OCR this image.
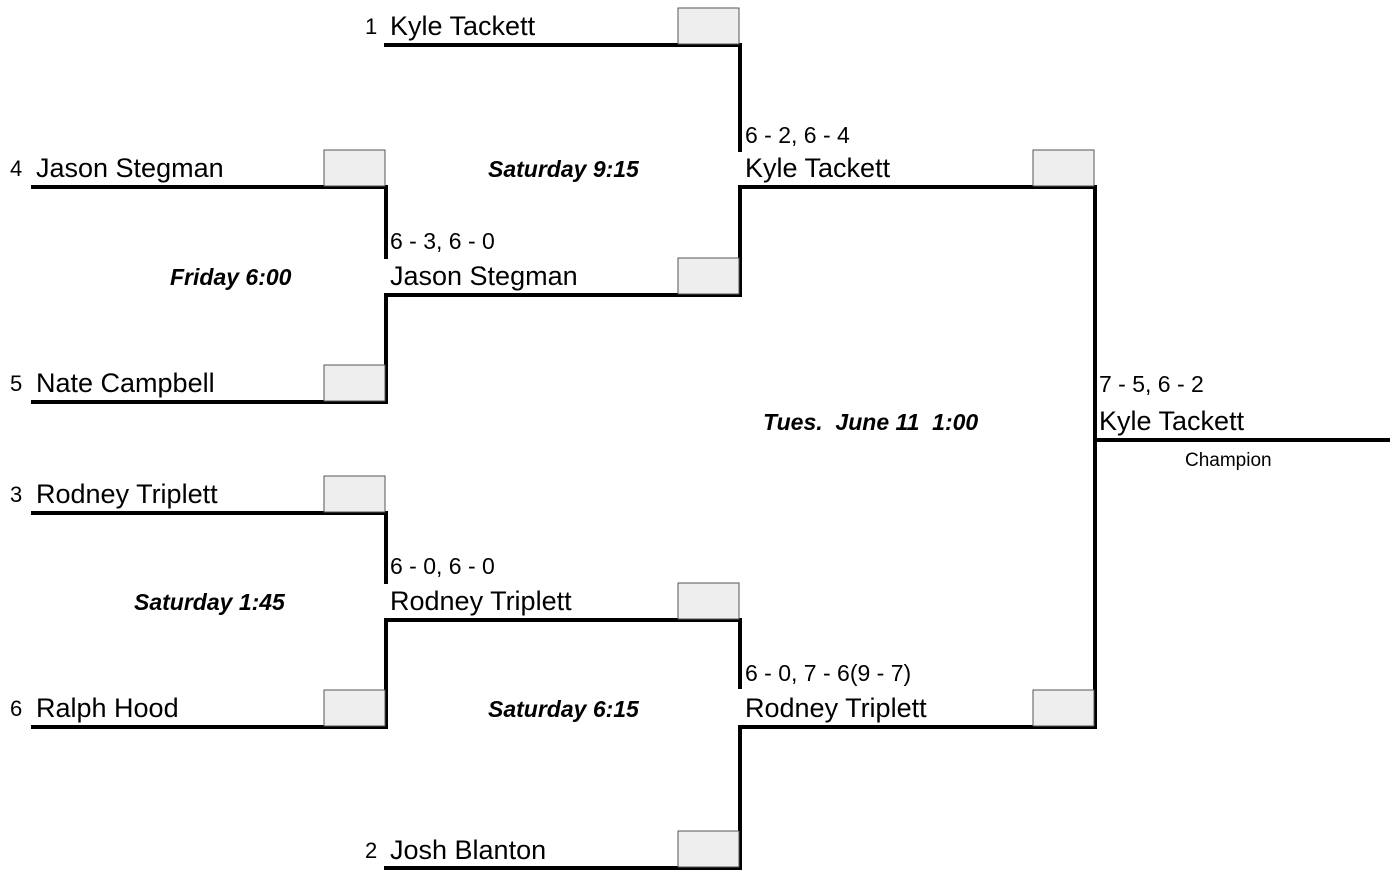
1 Kyle Tackett
4 Jason Stegman
5 Nate Campbell
3 Rodney Triplett
6 Ralph Hood
2 Josh Blanton
Friday 6:00
6 - 3, 6 - 0
Jason Stegman
Saturday 1:45
6 - 0, 6 - 0
Rodney Triplett
Saturday 9:15
6 - 2, 6 - 4
Kyle Tackett
Saturday 6:15
6 - 0, 7 - 6(9 - 7)
Rodney Triplett
Tues.  June 11  1:00
7 - 5, 6 - 2
Kyle Tackett
Champion
